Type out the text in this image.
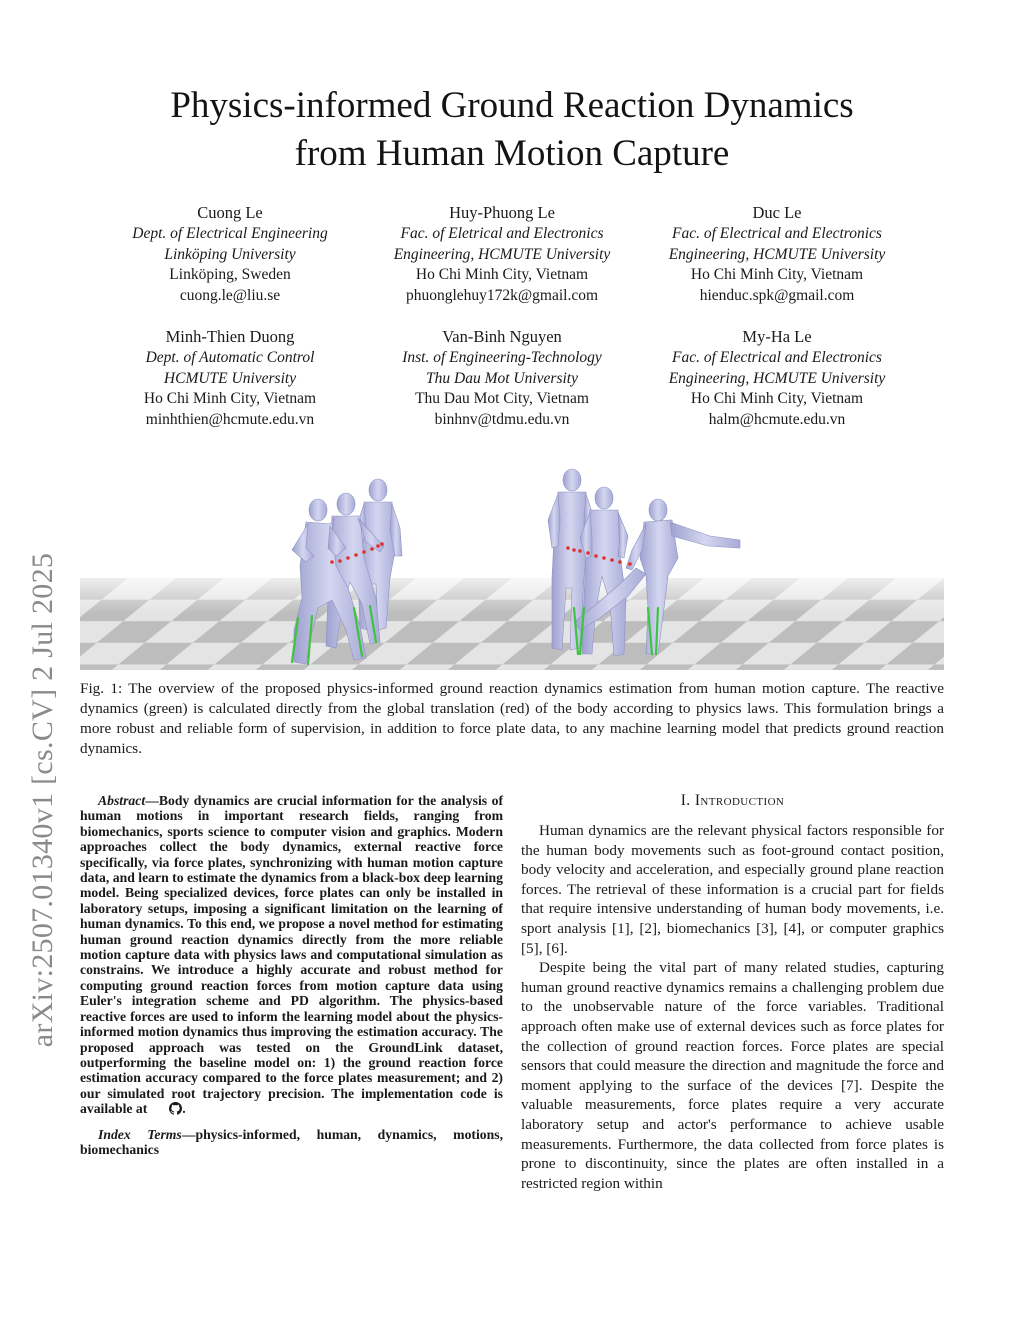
arXiv:2507.01340v1 [cs.CV] 2 Jul 2025
Physics-informed Ground Reaction Dynamics
from Human Motion Capture
Cuong Le
Dept. of Electrical Engineering
Linköping University
Linköping, Sweden
cuong.le@liu.se
Huy-Phuong Le
Fac. of Eletrical and Electronics
Engineering, HCMUTE University
Ho Chi Minh City, Vietnam
phuonglehuy172k@gmail.com
Duc Le
Fac. of Electrical and Electronics
Engineering, HCMUTE University
Ho Chi Minh City, Vietnam
hienduc.spk@gmail.com
Minh-Thien Duong
Dept. of Automatic Control
HCMUTE University
Ho Chi Minh City, Vietnam
minhthien@hcmute.edu.vn
Van-Binh Nguyen
Inst. of Engineering-Technology
Thu Dau Mot University
Thu Dau Mot City, Vietnam
binhnv@tdmu.edu.vn
My-Ha Le
Fac. of Electrical and Electronics
Engineering, HCMUTE University
Ho Chi Minh City, Vietnam
halm@hcmute.edu.vn
Fig. 1: The overview of the proposed physics-informed ground reaction dynamics estimation from human motion capture. The reactive dynamics (green) is calculated directly from the global translation (red) of the body according to physics laws. This formulation brings a more robust and reliable form of supervision, in addition to force plate data, to any machine learning model that predicts ground reaction dynamics.

Abstract—Body dynamics are crucial information for the analysis of human motions in important research fields, ranging from biomechanics, sports science to computer vision and graphics. Modern approaches collect the body dynamics, external reactive force specifically, via force plates, synchronizing with human motion capture data, and learn to estimate the dynamics from a black-box deep learning model. Being specialized devices, force plates can only be installed in laboratory setups, imposing a significant limitation on the learning of human dynamics. To this end, we propose a novel method for estimating human ground reaction dynamics directly from the more reliable motion capture data with physics laws and computational simulation as constrains. We introduce a highly accurate and robust method for computing ground reaction forces from motion capture data using Euler's integration scheme and PD algorithm. The physics-based reactive forces are used to inform the learning model about the physics-informed motion dynamics thus improving the estimation accuracy. The proposed approach was tested on the GroundLink dataset, outperforming the baseline model on: 1) the ground reaction force estimation accuracy compared to the force plates measurement; and 2) our simulated root trajectory precision. The implementation code is available at	.

Index Terms—physics-informed, human, dynamics, motions, biomechanics

I. Introduction

Human dynamics are the relevant physical factors responsible for the human body movements such as foot-ground contact position, body velocity and acceleration, and especially ground plane reaction forces. The retrieval of these information is a crucial part for fields that require intensive understanding of human body movements, i.e. sport analysis [1], [2], biomechanics [3], [4], or computer graphics [5], [6].

Despite being the vital part of many related studies, capturing human ground reactive dynamics remains a challenging problem due to the unobservable nature of the force variables. Traditional approach often make use of external devices such as force plates for the collection of ground reaction forces. Force plates are special sensors that could measure the direction and magnitude the force and moment applying to the surface of the devices [7]. Despite the valuable measurements, force plates require a very accurate laboratory setup and actor's performance to achieve usable measurements. Furthermore, the data collected from force plates is prone to discontinuity, since the plates are often installed in a restricted region within
